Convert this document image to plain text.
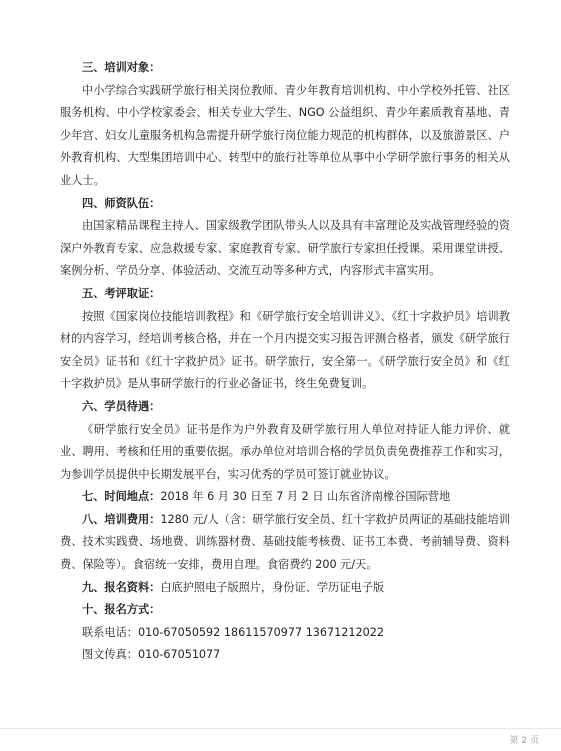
三、培训对象：
中小学综合实践研学旅行相关岗位教师、青少年教育培训机构、中小学校外托管、社区服务机构、中小学校家委会、相关专业大学生、NGO 公益组织、青少年素质教育基地、青少年宫、妇女儿童服务机构急需提升研学旅行岗位能力规范的机构群体，以及旅游景区、户外教育机构、大型集团培训中心、转型中的旅行社等单位从事中小学研学旅行事务的相关从业人士。
四、师资队伍：
由国家精品课程主持人、国家级教学团队带头人以及具有丰富理论及实战管理经验的资深户外教育专家、应急救援专家、家庭教育专家、研学旅行专家担任授课。采用课堂讲授、案例分析、学员分享、体验活动、交流互动等多种方式，内容形式丰富实用。
五、考评取证：
按照《国家岗位技能培训教程》和《研学旅行安全培训讲义》、《红十字救护员》培训教材的内容学习，经培训考核合格，并在一个月内提交实习报告评测合格者，颁发《研学旅行安全员》证书和《红十字救护员》证书。研学旅行，安全第一。《研学旅行安全员》和《红十字救护员》是从事研学旅行的行业必备证书，终生免费复训。
六、学员待遇：
《研学旅行安全员》证书是作为户外教育及研学旅行用人单位对持证人能力评价、就业、聘用、考核和任用的重要依据。承办单位对培训合格的学员负责免费推荐工作和实习，为参训学员提供中长期发展平台，实习优秀的学员可签订就业协议。
七、时间地点：2018 年 6 月 30 日至 7 月 2 日 山东省济南橡谷国际营地
八、培训费用：1280 元/人（含：研学旅行安全员、红十字救护员两证的基础技能培训费、技术实践费、场地费、训练器材费、基础技能考核费、证书工本费、考前辅导费、资料费、保险等）。食宿统一安排，费用自理。食宿费约 200 元/天。
九、报名资料：白底护照电子版照片，身份证、学历证电子版
十、报名方式：
联系电话：010-67050592 18611570977 13671212022
图文传真：010-67051077
第 2 页
